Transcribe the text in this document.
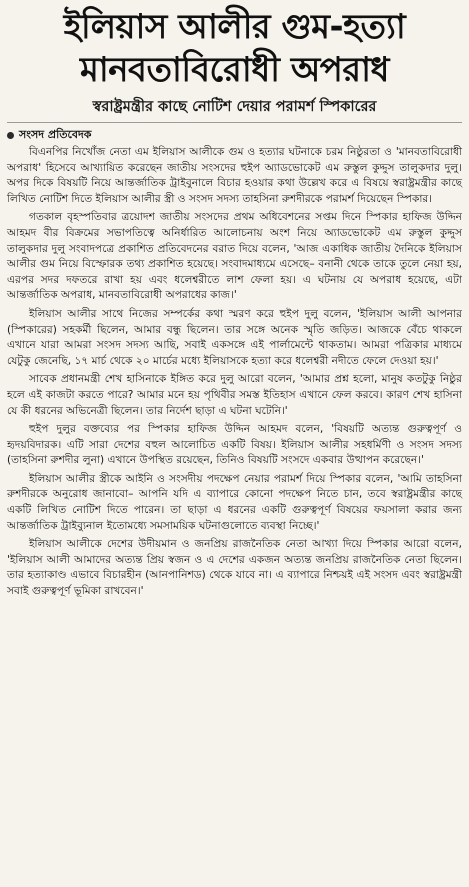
ইলিয়াস আলীর গুম-হত্যা
মানবতাবিরোধী অপরাধ
স্বরাষ্ট্রমন্ত্রীর কাছে নোটিশ দেয়ার পরামর্শ স্পিকারের
সংসদ প্রতিবেদক

বিএনপির নিখোঁজ নেতা এম ইলিয়াস আলীকে গুম ও হত্যার ঘটনাকে চরম নিষ্ঠুরতা ও 'মানবতাবিরোধী অপরাধ' হিসেবে আখ্যায়িত করেছেন জাতীয় সংসদের হুইপ অ্যাডভোকেট এম রুস্তুল কুদ্দুস তালুকদার দুলু। অপর দিকে বিষয়টি নিয়ে আন্তর্জাতিক ট্রাইবুনালে বিচার হওয়ার কথা উল্লেখ করে এ বিষয়ে স্বরাষ্ট্রমন্ত্রীর কাছে লিখিত নোটিশ দিতে ইলিয়াস আলীর স্ত্রী ও সংসদ সদস্য তাহসিনা রুশদীরকে পরামর্শ দিয়েছেন স্পিকার।

গতকাল বৃহস্পতিবার ত্রয়োদশ জাতীয় সংসদের প্রথম অধিবেশনের সপ্তম দিনে স্পিকার হাফিজ উদ্দিন আহমদ বীর বিক্রমের সভাপতিত্বে অনির্ধারিত আলোচনায় অংশ নিয়ে অ্যাডভোকেট এম রুস্তুল কুদ্দুস তালুকদার দুলু সংবাদপত্রে প্রকাশিত প্রতিবেদনের বরাত দিয়ে বলেন, 'আজ একাধিক জাতীয় দৈনিকে ইলিয়াস আলীর গুম নিয়ে বিস্ফোরক তথ্য প্রকাশিত হয়েছে। সংবাদমাধ্যমে এসেছে– বনানী থেকে তাকে তুলে নেয়া হয়, এরপর সদর দফতরে রাখা হয় এবং ধলেশ্বরীতে লাশ ফেলা হয়। এ ঘটনায় যে অপরাধ হয়েছে, এটা আন্তর্জাতিক অপরাধ, মানবতাবিরোধী অপরাধের কাজ।'

ইলিয়াস আলীর সাথে নিজের সম্পর্কের কথা স্মরণ করে হুইপ দুলু বলেন, 'ইলিয়াস আলী আপনার (স্পিকারের) সহকর্মী ছিলেন, আমার বন্ধু ছিলেন। তার সঙ্গে অনেক স্মৃতি জড়িত। আজকে বেঁচে থাকলে এখানে যারা আমরা সংসদ সদস্য আছি, সবাই একসঙ্গে এই পার্লামেন্টে থাকতাম। আমরা পত্রিকার মাধ্যমে যেটুকু জেনেছি, ১৭ মার্চ থেকে ২০ মার্চের মধ্যে ইলিয়াসকে হত্যা করে ধলেশ্বরী নদীতে ফেলে দেওয়া হয়।'

সাবেক প্রধানমন্ত্রী শেখ হাসিনাকে ইঙ্গিত করে দুলু আরো বলেন, 'আমার প্রশ্ন হলো, মানুষ কতটুকু নিষ্ঠুর হলে এই কাজটা করতে পারে? আমার মনে হয় পৃথিবীর সমস্ত ইতিহাস এখানে ফেল করবে। কারণ শেখ হাসিনা যে কী ধরনের অভিনেত্রী ছিলেন। তার নির্দেশ ছাড়া এ ঘটনা ঘটেনি।'

হুইপ দুলুর বক্তব্যের পর স্পিকার হাফিজ উদ্দিন আহমদ বলেন, 'বিষয়টি অত্যন্ত গুরুত্বপূর্ণ ও হৃদয়বিদারক। এটি সারা দেশের বহুল আলোচিত একটি বিষয়। ইলিয়াস আলীর সহধর্মিণী ও সংসদ সদস্য (তাহসিনা রুশদীর লুনা) এখানে উপস্থিত রয়েছেন, তিনিও বিষয়টি সংসদে একবার উত্থাপন করেছেন।'

ইলিয়াস আলীর স্ত্রীকে আইনি ও সংসদীয় পদক্ষেপ নেয়ার পরামর্শ দিয়ে স্পিকার বলেন, 'আমি তাহসিনা রুশদীরকে অনুরোধ জানাবো– আপনি যদি এ ব্যাপারে কোনো পদক্ষেপ নিতে চান, তবে স্বরাষ্ট্রমন্ত্রীর কাছে একটি লিখিত নোটিশ দিতে পারেন। তা ছাড়া এ ধরনের একটি গুরুত্বপূর্ণ বিষয়ের ফয়সালা করার জন্য আন্তর্জাতিক ট্রাইব্যুনাল ইতোমধ্যে সমসাময়িক ঘটনাগুলোতে ব্যবস্থা নিচ্ছে।'

ইলিয়াস আলীকে দেশের উদীয়মান ও জনপ্রিয় রাজনৈতিক নেতা আখ্যা দিয়ে স্পিকার আরো বলেন, 'ইলিয়াস আলী আমাদের অত্যন্ত প্রিয় স্বজন ও এ দেশের একজন অত্যন্ত জনপ্রিয় রাজনৈতিক নেতা ছিলেন। তার হত্যাকাণ্ড এভাবে বিচারহীন (আনপানিশড) থেকে যাবে না। এ ব্যাপারে নিশ্চয়ই এই সংসদ এবং স্বরাষ্ট্রমন্ত্রী সবাই গুরুত্বপূর্ণ ভূমিকা রাখবেন।'
